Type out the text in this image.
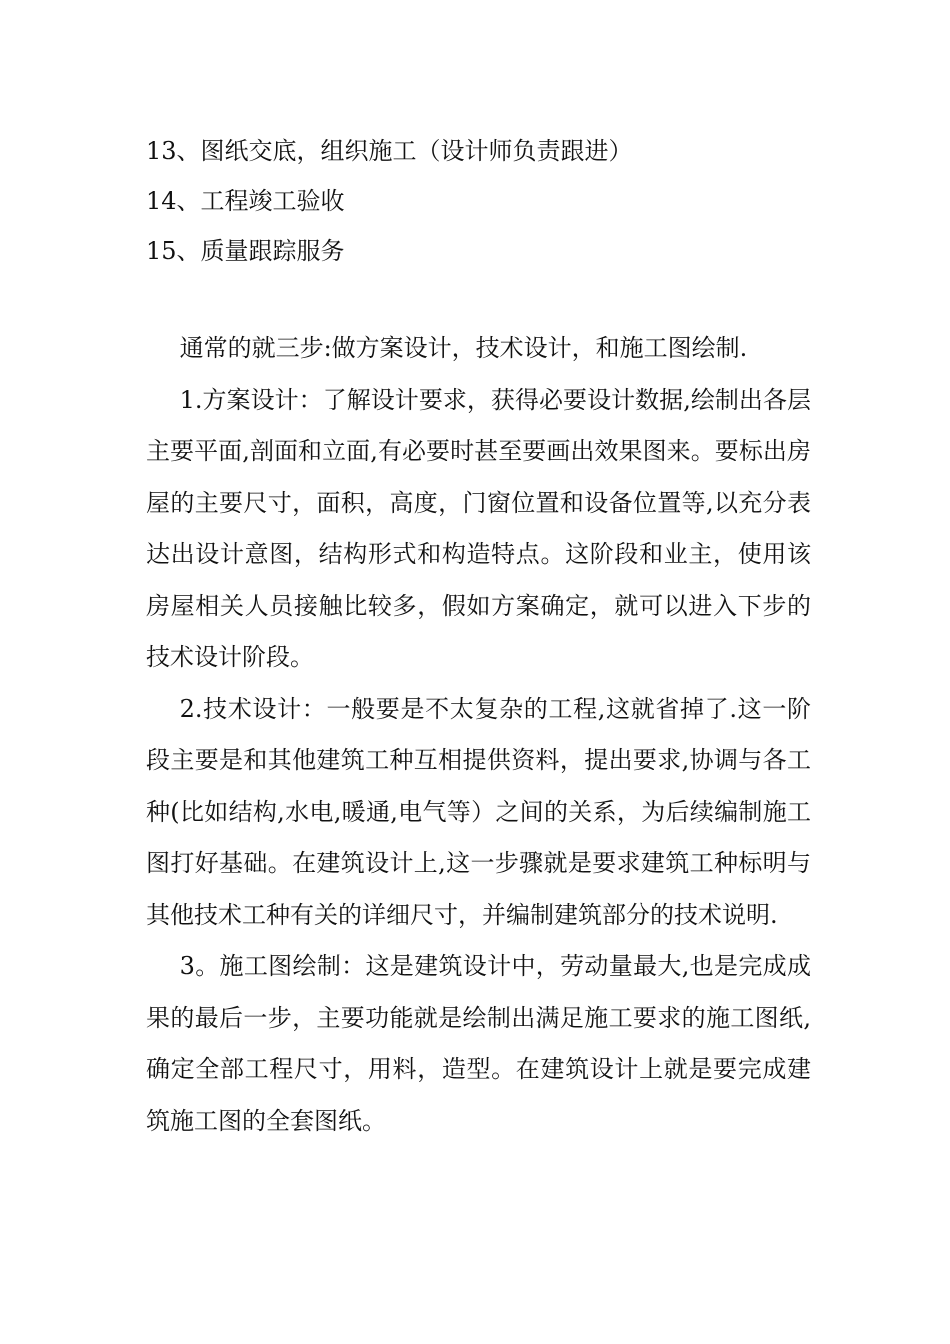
13、图纸交底，组织施工（设计师负责跟进）
14、工程竣工验收
15、质量跟踪服务

通常的就三步:做方案设计，技术设计，和施工图绘制.

1.方案设计：了解设计要求，获得必要设计数据,绘制出各层主要平面,剖面和立面,有必要时甚至要画出效果图来。要标出房屋的主要尺寸，面积，高度，门窗位置和设备位置等,以充分表达出设计意图，结构形式和构造特点。这阶段和业主，使用该房屋相关人员接触比较多，假如方案确定，就可以进入下步的技术设计阶段。

2.技术设计：一般要是不太复杂的工程,这就省掉了.这一阶段主要是和其他建筑工种互相提供资料，提出要求,协调与各工种(比如结构,水电,暖通,电气等）之间的关系，为后续编制施工图打好基础。在建筑设计上,这一步骤就是要求建筑工种标明与其他技术工种有关的详细尺寸，并编制建筑部分的技术说明.

3。施工图绘制：这是建筑设计中，劳动量最大,也是完成成果的最后一步，主要功能就是绘制出满足施工要求的施工图纸,确定全部工程尺寸，用料，造型。在建筑设计上就是要完成建筑施工图的全套图纸。
